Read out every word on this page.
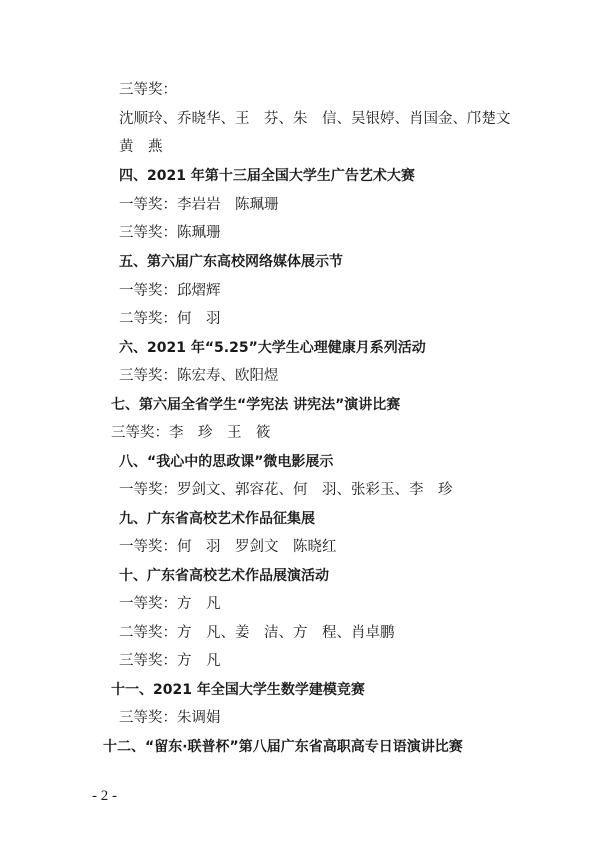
三等奖：
沈顺玲、乔晓华、王　芬、朱　信、吴银婷、肖国金、邝楚文
黄　燕
四、2021 年第十三届全国大学生广告艺术大赛
一等奖：李岩岩　陈珮珊
三等奖：陈珮珊
五、第六届广东高校网络媒体展示节
一等奖：邱熠辉
二等奖：何　羽
六、2021 年“5.25”大学生心理健康月系列活动
三等奖：陈宏寿、欧阳煜
七、第六届全省学生“学宪法 讲宪法”演讲比赛
三等奖：李　珍　王　筱
八、“我心中的思政课”微电影展示
一等奖：罗剑文、郭容花、何　羽、张彩玉、李　珍
九、广东省高校艺术作品征集展
一等奖：何　羽　罗剑文　陈晓红
十、广东省高校艺术作品展演活动
一等奖：方　凡
二等奖：方　凡、姜　洁、方　程、肖卓鹏
三等奖：方　凡
十一、2021 年全国大学生数学建模竞赛
三等奖：朱调娟
十二、“留东·联普杯”第八届广东省高职高专日语演讲比赛
- 2 -
